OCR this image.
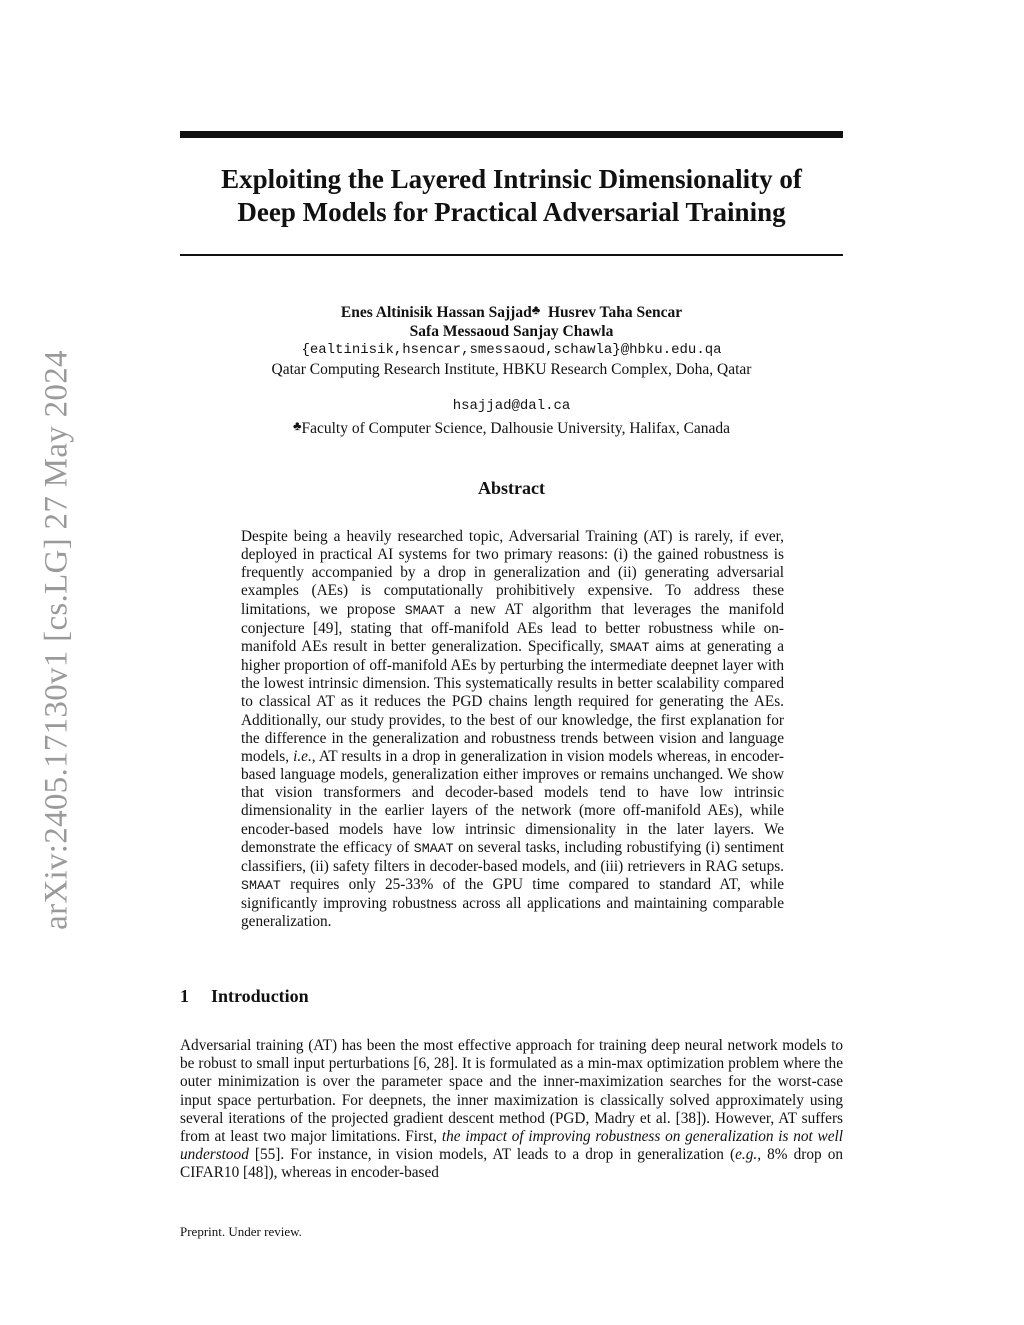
arXiv:2405.17130v1 [cs.LG] 27 May 2024
Exploiting the Layered Intrinsic Dimensionality of
Deep Models for Practical Adversarial Training
Enes Altinisik Hassan Sajjad♣  Husrev Taha Sencar
Safa Messaoud Sanjay Chawla
{ealtinisik,hsencar,smessaoud,schawla}@hbku.edu.qa
Qatar Computing Research Institute, HBKU Research Complex, Doha, Qatar
hsajjad@dal.ca
♣Faculty of Computer Science, Dalhousie University, Halifax, Canada
Abstract

Despite being a heavily researched topic, Adversarial Training (AT) is rarely, if ever, deployed in practical AI systems for two primary reasons: (i) the gained robustness is frequently accompanied by a drop in generalization and (ii) generating adversarial examples (AEs) is computationally prohibitively expensive. To address these limitations, we propose SMAAT a new AT algorithm that leverages the manifold conjecture [49], stating that off-manifold AEs lead to better robustness while on-manifold AEs result in better generalization. Specifically, SMAAT aims at generating a higher proportion of off-manifold AEs by perturbing the intermediate deepnet layer with the lowest intrinsic dimension. This systematically results in better scalability compared to classical AT as it reduces the PGD chains length required for generating the AEs. Additionally, our study provides, to the best of our knowledge, the first explanation for the difference in the generalization and robustness trends between vision and language models, i.e., AT results in a drop in generalization in vision models whereas, in encoder-based language models, generalization either improves or remains unchanged. We show that vision transformers and decoder-based models tend to have low intrinsic dimensionality in the earlier layers of the network (more off-manifold AEs), while encoder-based models have low intrinsic dimensionality in the later layers. We demonstrate the efficacy of SMAAT on several tasks, including robustifying (i) sentiment classifiers, (ii) safety filters in decoder-based models, and (iii) retrievers in RAG setups. SMAAT requires only 25-33% of the GPU time compared to standard AT, while significantly improving robustness across all applications and maintaining comparable generalization.

1 Introduction

Adversarial training (AT) has been the most effective approach for training deep neural network models to be robust to small input perturbations [6, 28]. It is formulated as a min-max optimization problem where the outer minimization is over the parameter space and the inner-maximization searches for the worst-case input space perturbation. For deepnets, the inner maximization is classically solved approximately using several iterations of the projected gradient descent method (PGD, Madry et al. [38]). However, AT suffers from at least two major limitations. First, the impact of improving robustness on generalization is not well understood [55]. For instance, in vision models, AT leads to a drop in generalization (e.g., 8% drop on CIFAR10 [48]), whereas in encoder-based

Preprint. Under review.
